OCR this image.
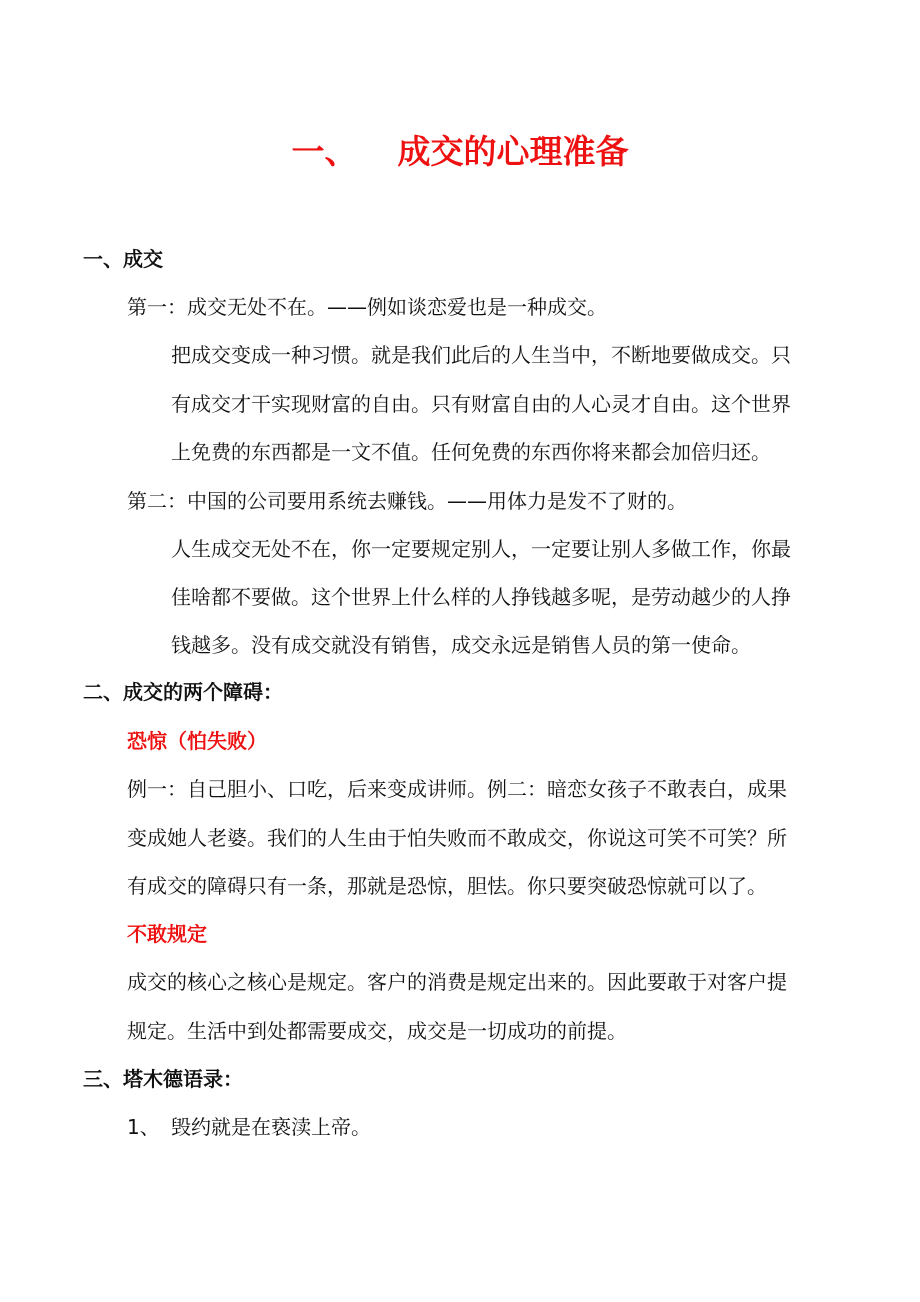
一、 成交的心理准备
一、成交
第一：成交无处不在。——例如谈恋爱也是一种成交。
把成交变成一种习惯。就是我们此后的人生当中，不断地要做成交。只
有成交才干实现财富的自由。只有财富自由的人心灵才自由。这个世界
上免费的东西都是一文不值。任何免费的东西你将来都会加倍归还。
第二：中国的公司要用系统去赚钱。——用体力是发不了财的。
人生成交无处不在，你一定要规定别人，一定要让别人多做工作，你最
佳啥都不要做。这个世界上什么样的人挣钱越多呢，是劳动越少的人挣
钱越多。没有成交就没有销售，成交永远是销售人员的第一使命。
二、成交的两个障碍：
恐惊（怕失败）
例一：自己胆小、口吃，后来变成讲师。例二：暗恋女孩子不敢表白，成果
变成她人老婆。我们的人生由于怕失败而不敢成交，你说这可笑不可笑？所
有成交的障碍只有一条，那就是恐惊，胆怯。你只要突破恐惊就可以了。
不敢规定
成交的核心之核心是规定。客户的消费是规定出来的。因此要敢于对客户提
规定。生活中到处都需要成交，成交是一切成功的前提。
三、塔木德语录：
1、 毁约就是在亵渎上帝。
